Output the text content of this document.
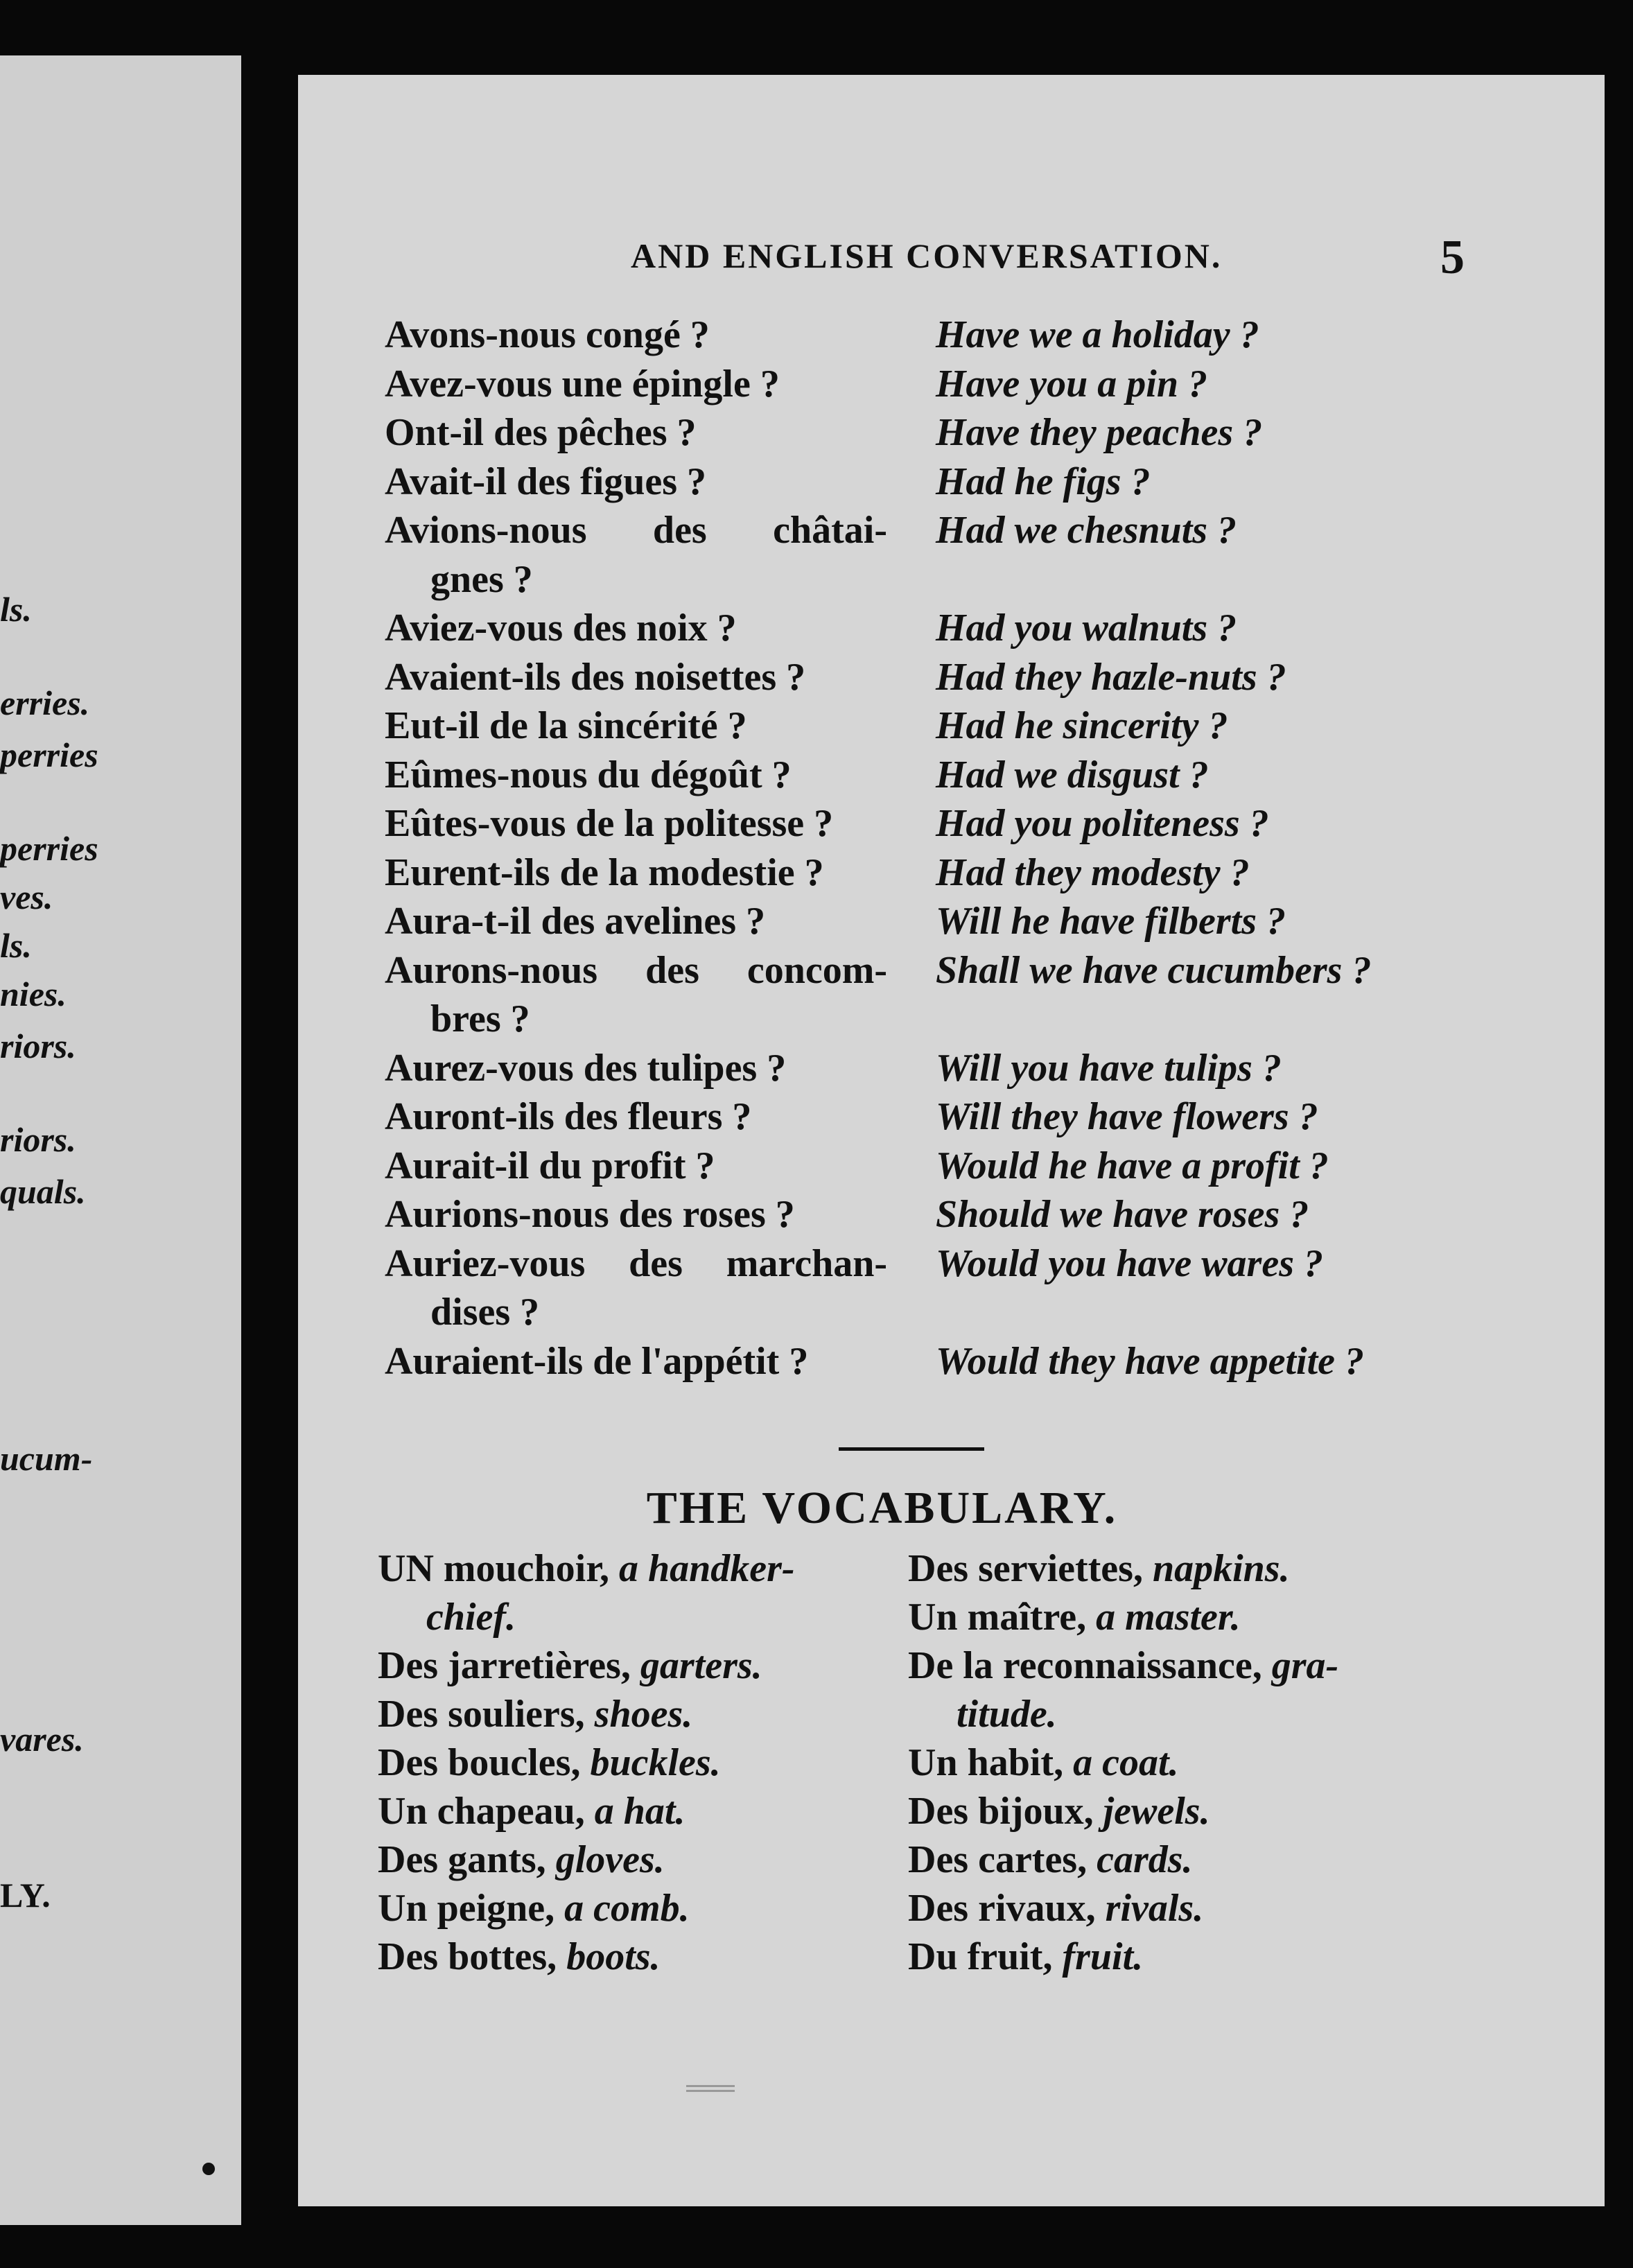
ls.
erries.
perries
perries
ves.
ls.
nies.
riors.
riors.
quals.
ucum-
vares.
LY.
AND ENGLISH CONVERSATION.	5
Avons-nous congé ?
Avez-vous une épingle ?
Ont-il des pêches ?
Avait-il des figues ?
Avions-nous des châtai-
gnes ?
Aviez-vous des noix ?
Avaient-ils des noisettes ?
Eut-il de la sincérité ?
Eûmes-nous du dégoût ?
Eûtes-vous de la politesse ?
Eurent-ils de la modestie ?
Aura-t-il des avelines ?
Aurons-nous des concom-
bres ?
Aurez-vous des tulipes ?
Auront-ils des fleurs ?
Aurait-il du profit ?
Aurions-nous des roses ?
Auriez-vous des marchan-
dises ?
Auraient-ils de l'appétit ?
Have we a holiday ?
Have you a pin ?
Have they peaches ?
Had he figs ?
Had we chesnuts ?
Had you walnuts ?
Had they hazle-nuts ?
Had he sincerity ?
Had we disgust ?
Had you politeness ?
Had they modesty ?
Will he have filberts ?
Shall we have cucumbers ?
Will you have tulips ?
Will they have flowers ?
Would he have a profit ?
Should we have roses ?
Would you have wares ?
Would they have appetite ?
THE VOCABULARY.
UN mouchoir, a handker-
chief.
Des jarretières, garters.
Des souliers, shoes.
Des boucles, buckles.
Un chapeau, a hat.
Des gants, gloves.
Un peigne, a comb.
Des bottes, boots.
Des serviettes, napkins.
Un maître, a master.
De la reconnaissance, gra-
titude.
Un habit, a coat.
Des bijoux, jewels.
Des cartes, cards.
Des rivaux, rivals.
Du fruit, fruit.
